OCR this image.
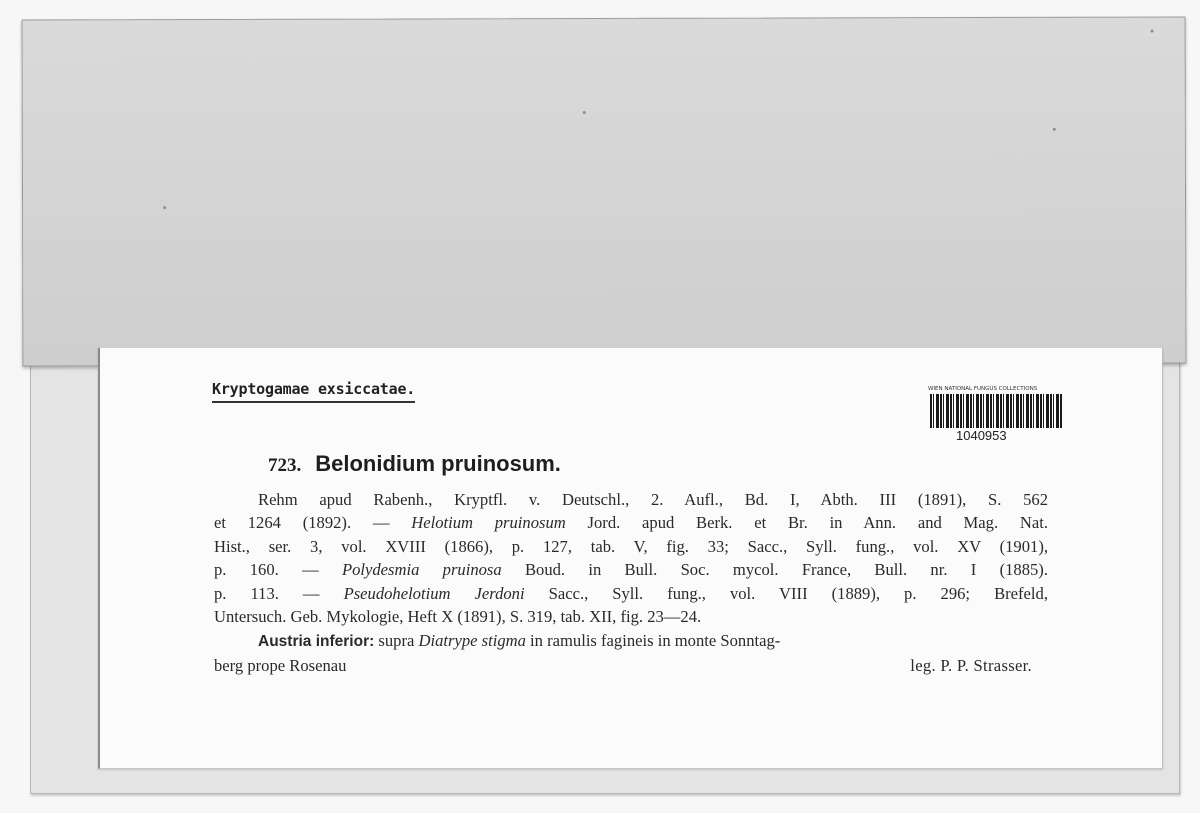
Kryptogamae exsiccatae.	WIEN NATIONAL FUNGUS COLLECTIONS
1040953
723. Belonidium pruinosum.
Rehm apud Rabenh., Kryptfl. v. Deutschl., 2. Aufl., Bd. I, Abth. III (1891), S. 562
et 1264 (1892). — Helotium pruinosum Jord. apud Berk. et Br. in Ann. and Mag. Nat.
Hist., ser. 3, vol. XVIII (1866), p. 127, tab. V, fig. 33; Sacc., Syll. fung., vol. XV (1901),
p. 160. — Polydesmia pruinosa Boud. in Bull. Soc. mycol. France, Bull. nr. I (1885).
p. 113. — Pseudohelotium Jerdoni Sacc., Syll. fung., vol. VIII (1889), p. 296; Brefeld,
Untersuch. Geb. Mykologie, Heft X (1891), S. 319, tab. XII, fig. 23—24.
Austria inferior: supra Diatrype stigma in ramulis fagineis in monte Sonntag-
berg prope Rosenau	leg. P. P. Strasser.
